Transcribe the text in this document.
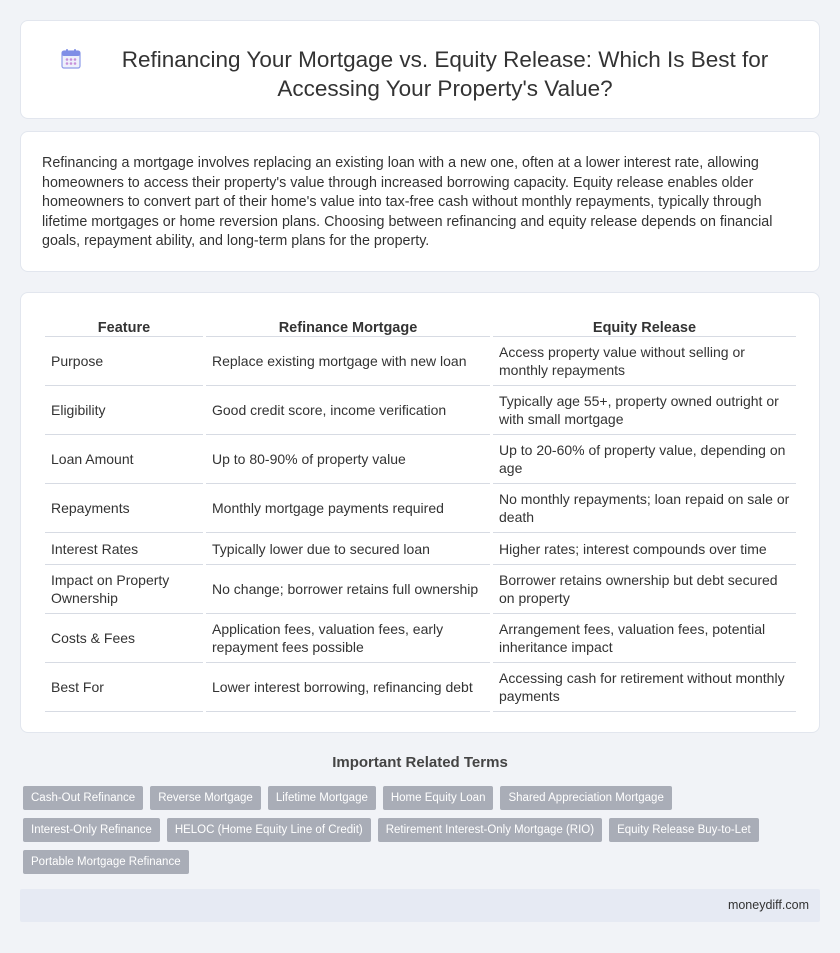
Refinancing Your Mortgage vs. Equity Release: Which Is Best for Accessing Your Property's Value?

Refinancing a mortgage involves replacing an existing loan with a new one, often at a lower interest rate, allowing homeowners to access their property's value through increased borrowing capacity. Equity release enables older homeowners to convert part of their home's value into tax-free cash without monthly repayments, typically through lifetime mortgages or home reversion plans. Choosing between refinancing and equity release depends on financial goals, repayment ability, and long-term plans for the property.

Feature	Refinance Mortgage	Equity Release
Purpose	Replace existing mortgage with new loan	Access property value without selling or monthly repayments
Eligibility	Good credit score, income verification	Typically age 55+, property owned outright or with small mortgage
Loan Amount	Up to 80-90% of property value	Up to 20-60% of property value, depending on age
Repayments	Monthly mortgage payments required	No monthly repayments; loan repaid on sale or death
Interest Rates	Typically lower due to secured loan	Higher rates; interest compounds over time
Impact on Property Ownership	No change; borrower retains full ownership	Borrower retains ownership but debt secured on property
Costs & Fees	Application fees, valuation fees, early repayment fees possible	Arrangement fees, valuation fees, potential inheritance impact
Best For	Lower interest borrowing, refinancing debt	Accessing cash for retirement without monthly payments
Important Related Terms
Cash-Out Refinance	Reverse Mortgage	Lifetime Mortgage	Home Equity Loan	Shared Appreciation Mortgage
Interest-Only Refinance	HELOC (Home Equity Line of Credit)	Retirement Interest-Only Mortgage (RIO)	Equity Release Buy-to-Let
Portable Mortgage Refinance
moneydiff.com
